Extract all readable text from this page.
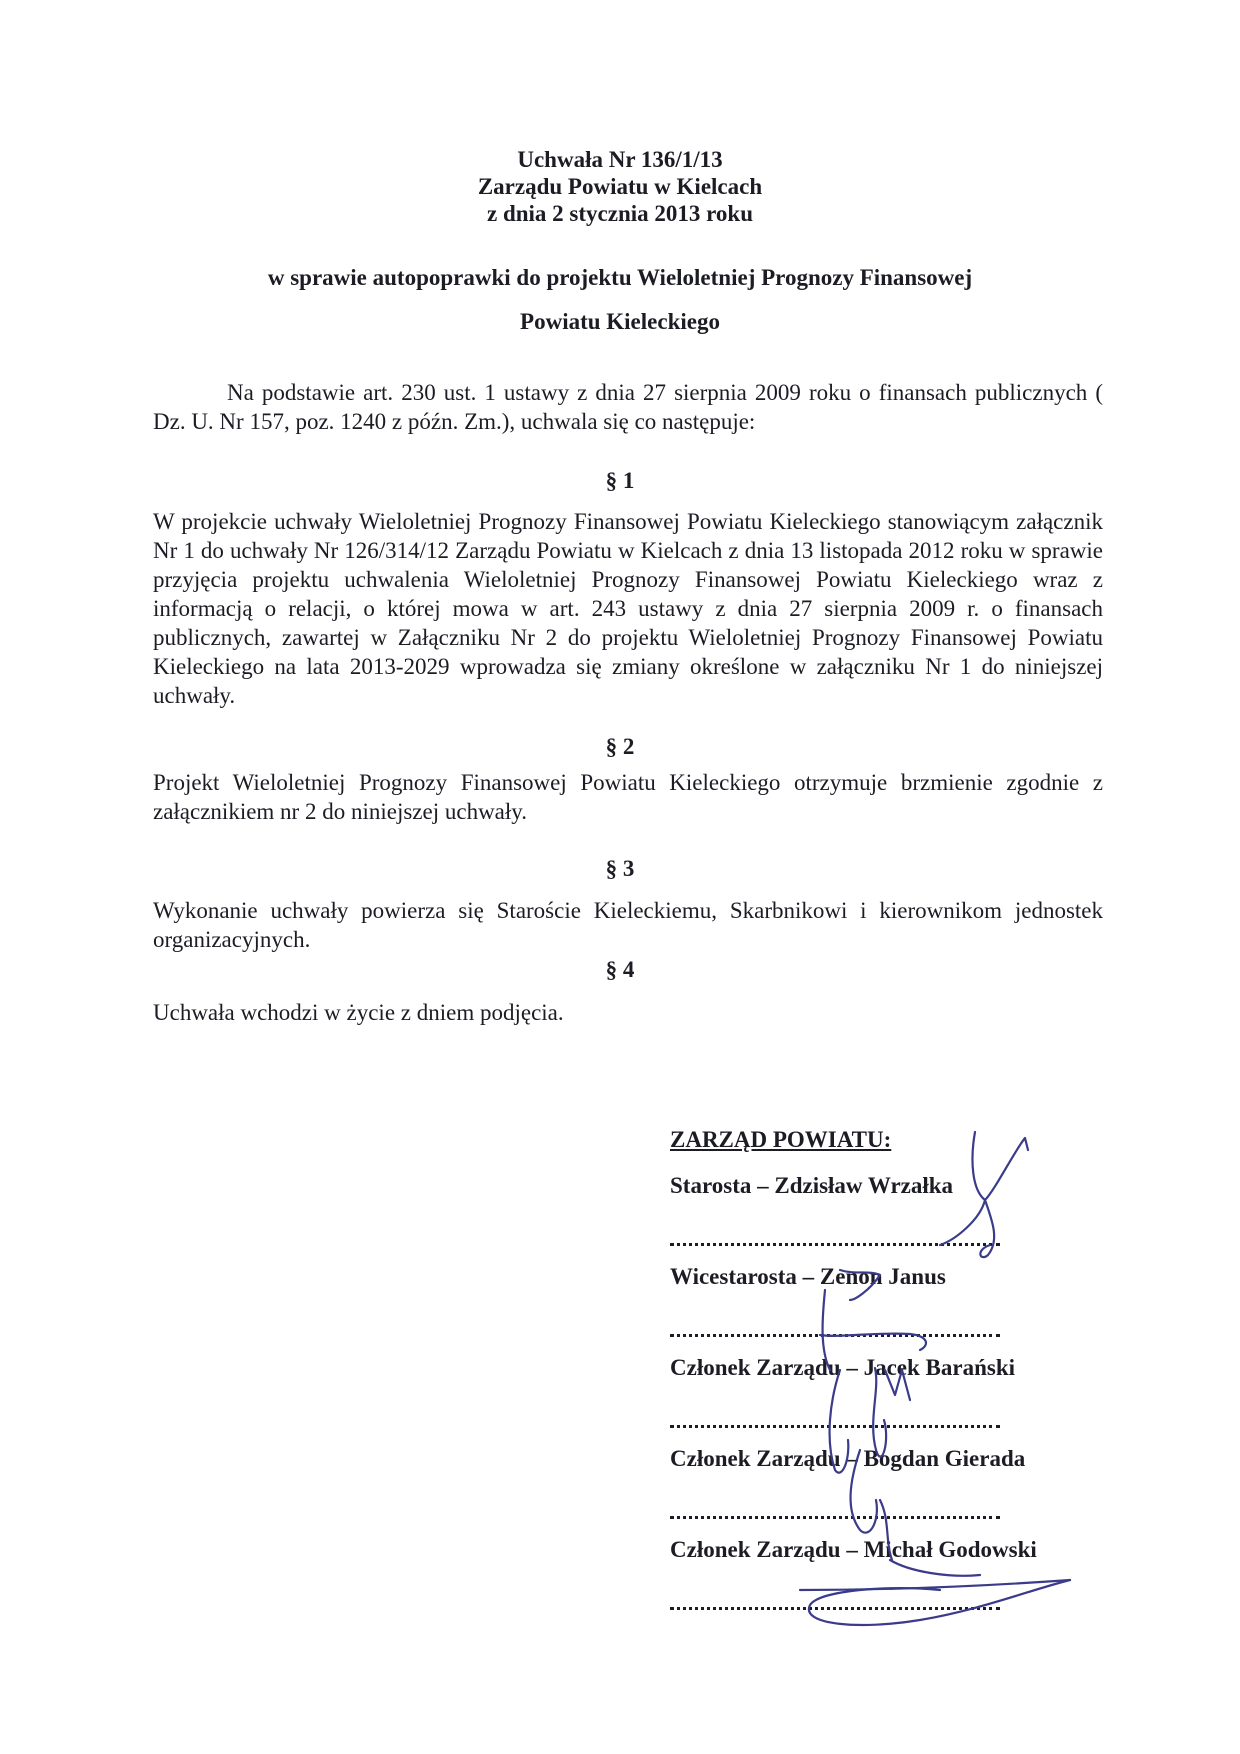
Uchwała Nr 136/1/13
Zarządu Powiatu w Kielcach
z dnia 2 stycznia 2013 roku
w sprawie autopoprawki do projektu Wieloletniej Prognozy Finansowej
Powiatu Kieleckiego
Na podstawie art. 230 ust. 1 ustawy z dnia 27 sierpnia 2009 roku o finansach publicznych ( Dz. U. Nr 157, poz. 1240 z późn. Zm.), uchwala się co następuje:
§ 1
W projekcie uchwały Wieloletniej Prognozy Finansowej Powiatu Kieleckiego stanowiącym załącznik Nr 1 do uchwały Nr 126/314/12 Zarządu Powiatu w Kielcach z dnia 13 listopada 2012 roku w sprawie przyjęcia projektu uchwalenia Wieloletniej Prognozy Finansowej Powiatu Kieleckiego wraz z informacją o relacji, o której mowa w art. 243 ustawy z dnia 27 sierpnia 2009 r. o finansach publicznych, zawartej w Załączniku Nr 2 do projektu Wieloletniej Prognozy Finansowej Powiatu Kieleckiego na lata 2013-2029 wprowadza się zmiany określone w załączniku Nr 1 do niniejszej uchwały.
§ 2
Projekt Wieloletniej Prognozy Finansowej Powiatu Kieleckiego otrzymuje brzmienie zgodnie z załącznikiem nr 2 do niniejszej uchwały.
§ 3
Wykonanie uchwały powierza się Staroście Kieleckiemu, Skarbnikowi i kierownikom jednostek organizacyjnych.
§ 4
Uchwała wchodzi w życie z dniem podjęcia.
ZARZĄD POWIATU:
Starosta – Zdzisław Wrzałka
Wicestarosta – Zenon Janus
Członek Zarządu – Jacek Barański
Członek Zarządu – Bogdan Gierada
Członek Zarządu – Michał Godowski
